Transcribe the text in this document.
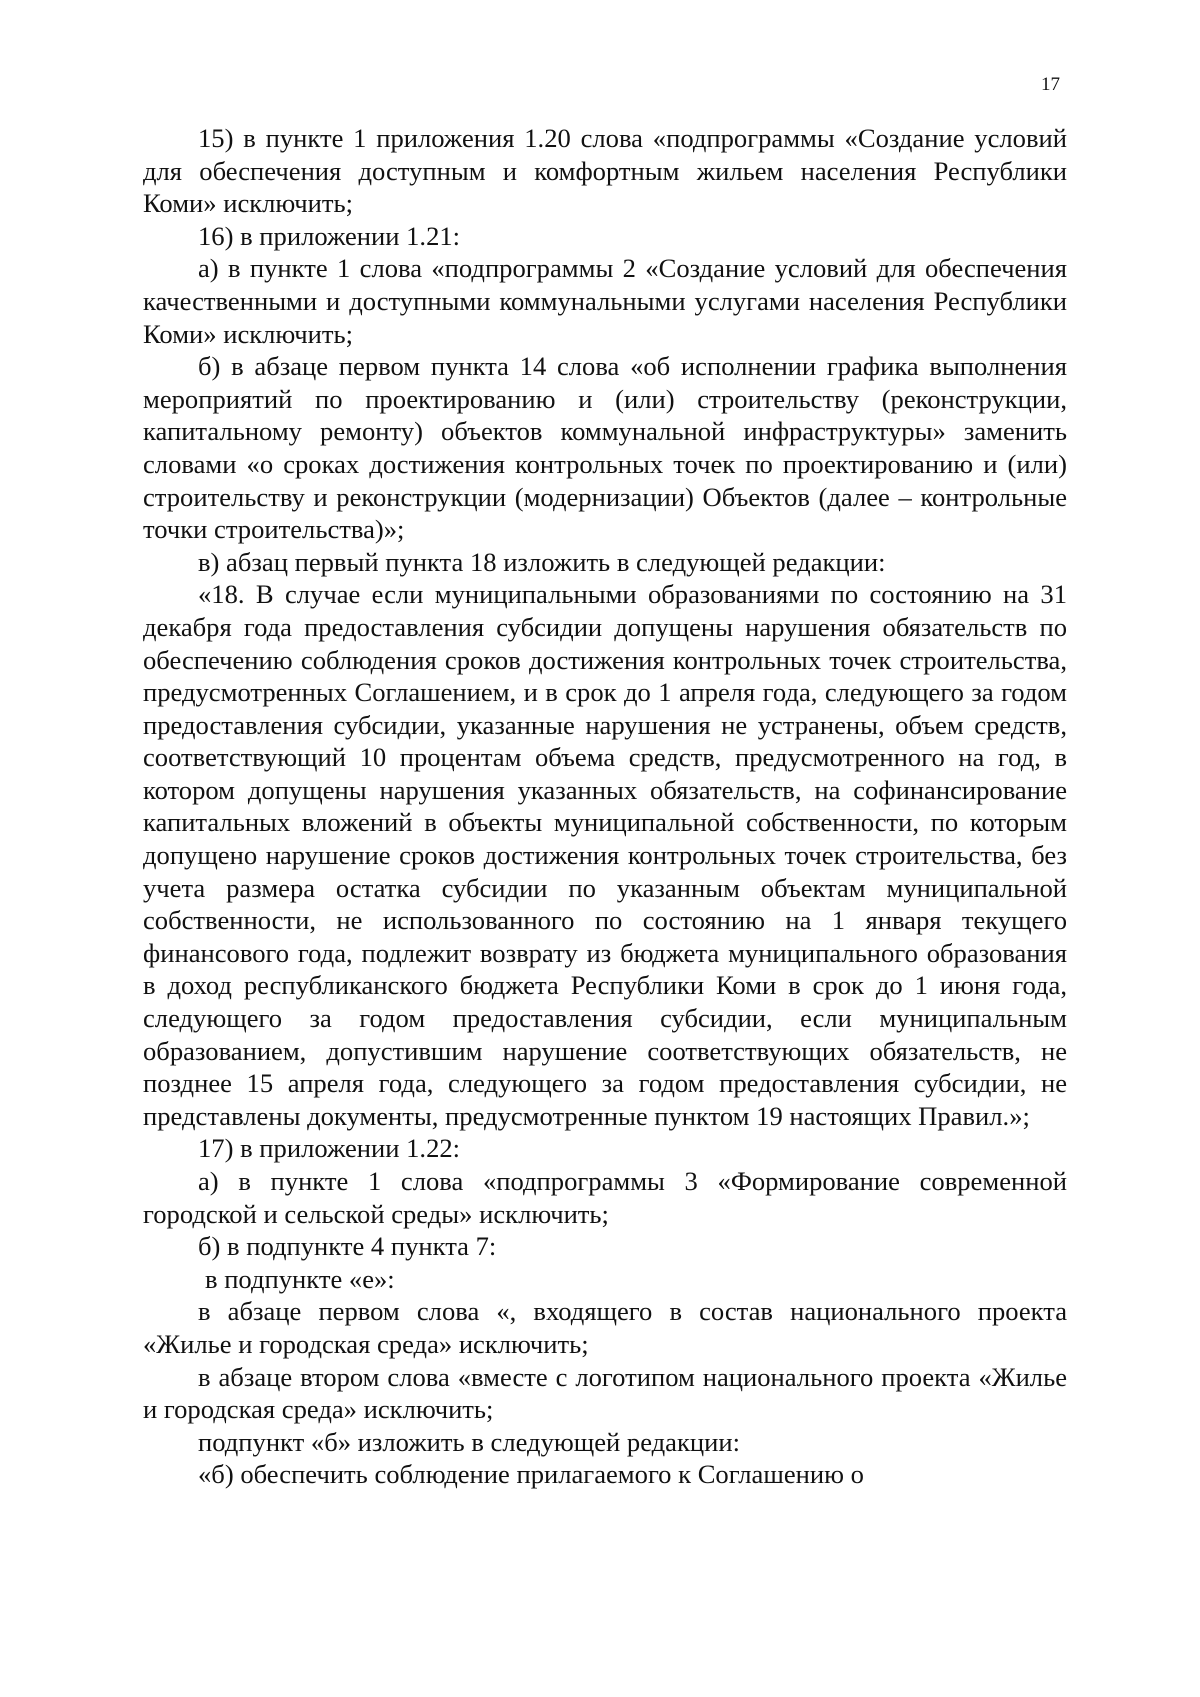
17

15) в пункте 1 приложения 1.20 слова «подпрограммы «Создание условий для обеспечения доступным и комфортным жильем населения Республики Коми» исключить;

16) в приложении 1.21:

а) в пункте 1 слова «подпрограммы 2 «Создание условий для обеспечения качественными и доступными коммунальными услугами населения Республики Коми» исключить;

б) в абзаце первом пункта 14 слова «об исполнении графика выполнения мероприятий по проектированию и (или) строительству (реконструкции, капитальному ремонту) объектов коммунальной инфраструктуры» заменить словами «о сроках достижения контрольных точек по проектированию и (или) строительству и реконструкции (модернизации) Объектов (далее – контрольные точки строительства)»;

в) абзац первый пункта 18 изложить в следующей редакции:

«18. В случае если муниципальными образованиями по состоянию на 31 декабря года предоставления субсидии допущены нарушения обязательств по обеспечению соблюдения сроков достижения контрольных точек строительства, предусмотренных Соглашением, и в срок до 1 апреля года, следующего за годом предоставления субсидии, указанные нарушения не устранены, объем средств, соответствующий 10 процентам объема средств, предусмотренного на год, в котором допущены нарушения указанных обязательств, на софинансирование капитальных вложений в объекты муниципальной собственности, по которым допущено нарушение сроков достижения контрольных точек строительства, без учета размера остатка субсидии по указанным объектам муниципальной собственности, не использованного по состоянию на 1 января текущего финансового года, подлежит возврату из бюджета муниципального образования в доход республиканского бюджета Республики Коми в срок до 1 июня года, следующего за годом предоставления субсидии, если муниципальным образованием, допустившим нарушение соответствующих обязательств, не позднее 15 апреля года, следующего за годом предоставления субсидии, не представлены документы, предусмотренные пунктом 19 настоящих Правил.»;

17) в приложении 1.22:

а) в пункте 1 слова «подпрограммы 3 «Формирование современной городской и сельской среды» исключить;

б) в подпункте 4 пункта 7:

в подпункте «е»:

в абзаце первом слова «, входящего в состав национального проекта «Жилье и городская среда» исключить;

в абзаце втором слова «вместе с логотипом национального проекта «Жилье и городская среда» исключить;

подпункт «б» изложить в следующей редакции:

«б) обеспечить соблюдение прилагаемого к Соглашению о
